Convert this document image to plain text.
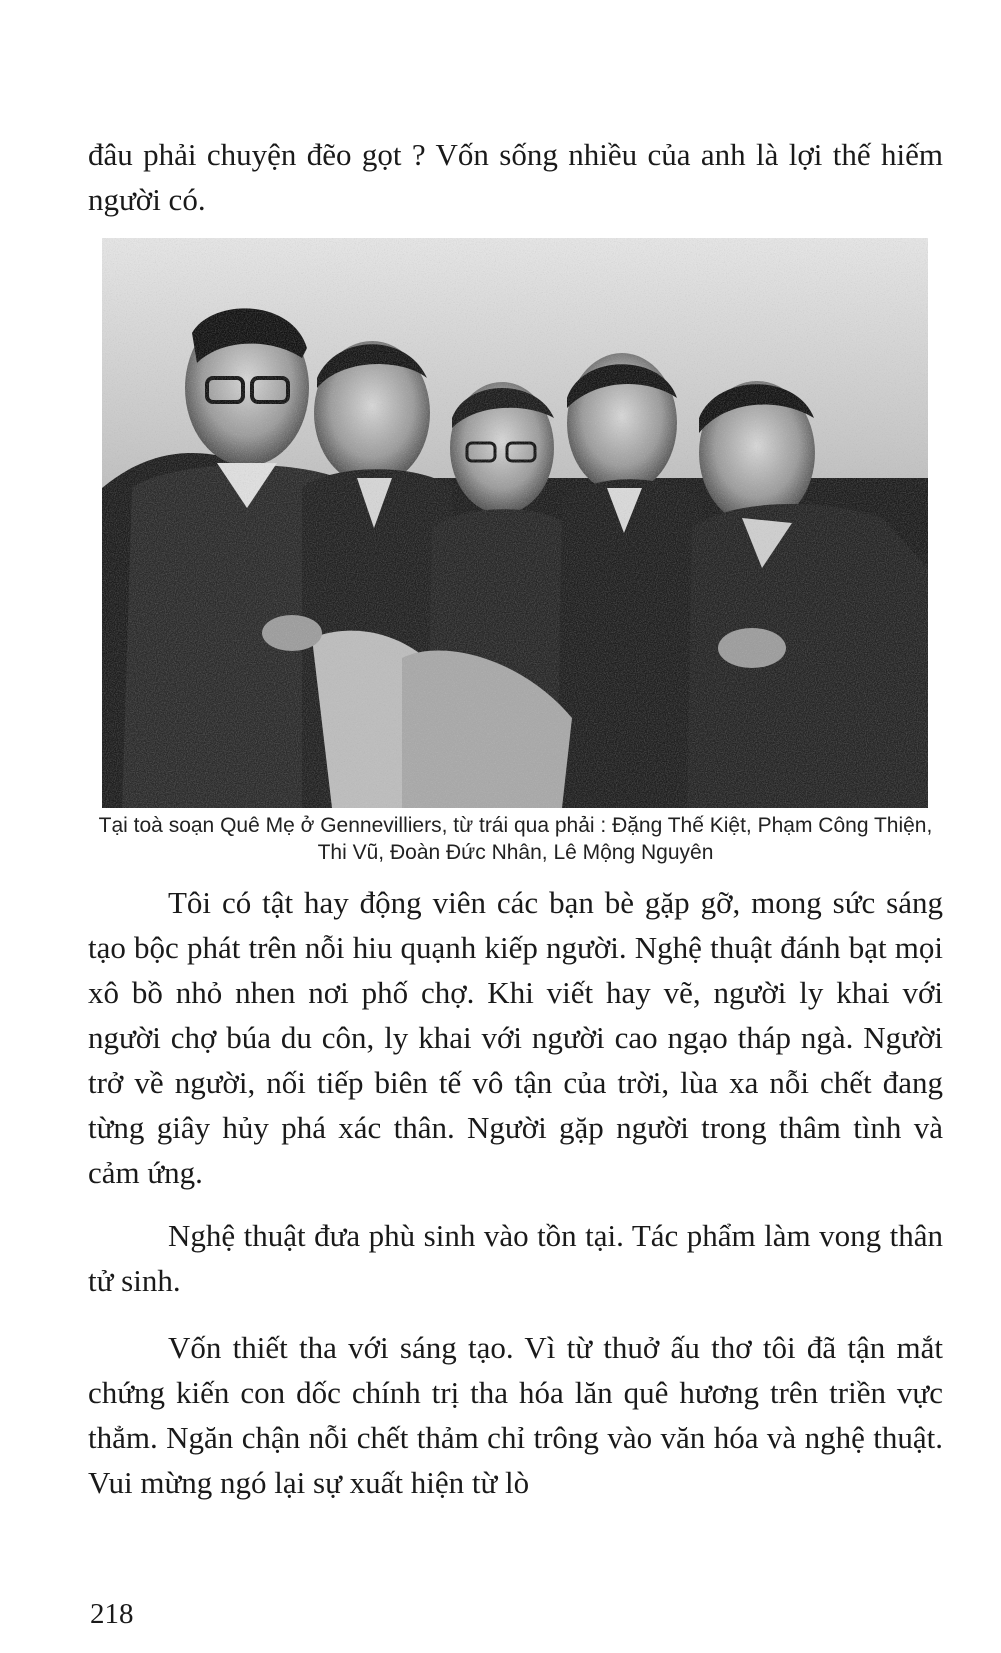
đâu phải chuyện đẽo gọt ? Vốn sống nhiều của anh là lợi thế hiếm người có.

Tại toà soạn Quê Mẹ ở Gennevilliers, từ trái qua phải : Đặng Thế Kiệt, Phạm Công Thiện, Thi Vũ, Đoàn Đức Nhân, Lê Mộng Nguyên

Tôi có tật hay động viên các bạn bè gặp gỡ, mong sức sáng tạo bộc phát trên nỗi hiu quạnh kiếp người. Nghệ thuật đánh bạt mọi xô bồ nhỏ nhen nơi phố chợ. Khi viết hay vẽ, người ly khai với người chợ búa du côn, ly khai với người cao ngạo tháp ngà. Người trở về người, nối tiếp biên tế vô tận của trời, lùa xa nỗi chết đang từng giây hủy phá xác thân. Người gặp người trong thâm tình và cảm ứng.

Nghệ thuật đưa phù sinh vào tồn tại. Tác phẩm làm vong thân tử sinh.

Vốn thiết tha với sáng tạo. Vì từ thuở ấu thơ tôi đã tận mắt chứng kiến con dốc chính trị tha hóa lăn quê hương trên triền vực thẳm. Ngăn chận nỗi chết thảm chỉ trông vào văn hóa và nghệ thuật. Vui mừng ngó lại sự xuất hiện từ lò

218
